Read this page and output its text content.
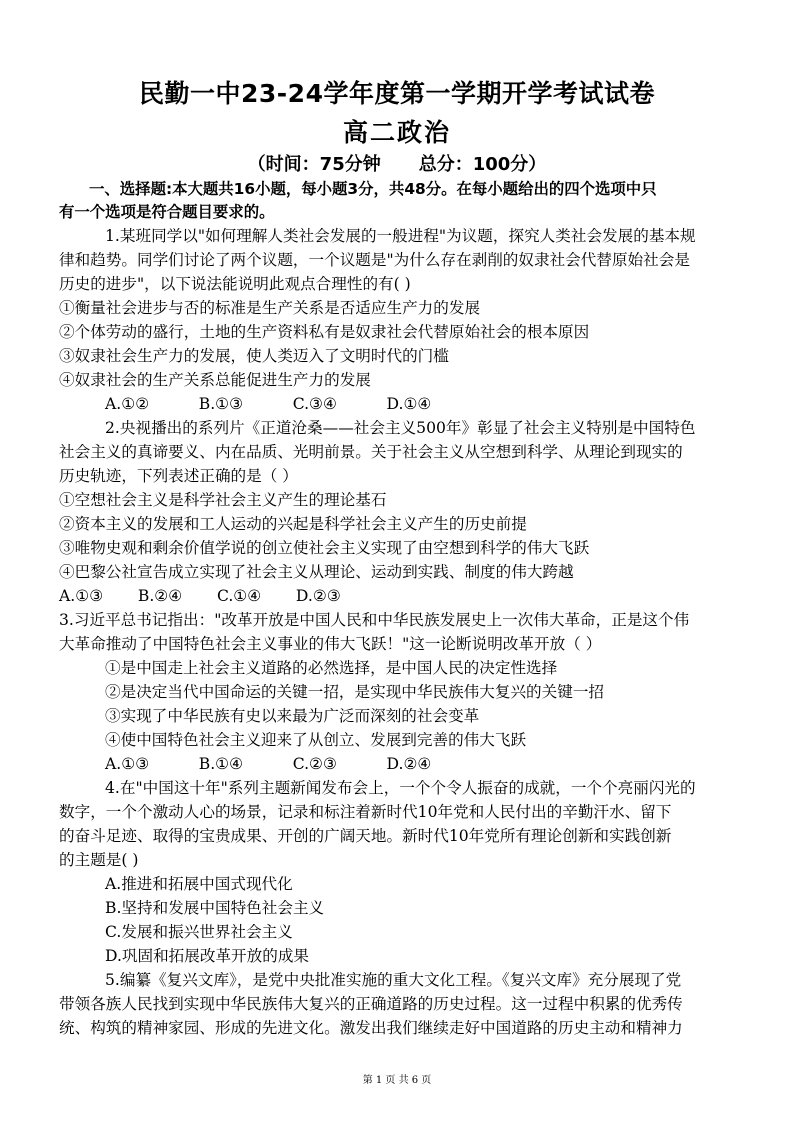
民勤一中23-24学年度第一学期开学考试试卷
高二政治
（时间：75分钟 总分：100分）
一、选择题:本大题共16小题，每小题3分，共48分。在每小题给出的四个选项中只
有一个选项是符合题目要求的。
1.某班同学以"如何理解人类社会发展的一般进程"为议题，探究人类社会发展的基本规
律和趋势。同学们讨论了两个议题，一个议题是"为什么存在剥削的奴隶社会代替原始社会是
历史的进步"，以下说法能说明此观点合理性的有( )
①衡量社会进步与否的标准是生产关系是否适应生产力的发展
②个体劳动的盛行，土地的生产资料私有是奴隶社会代替原始社会的根本原因
③奴隶社会生产力的发展，使人类迈入了文明时代的门槛
④奴隶社会的生产关系总能促进生产力的发展
A.①②          B.①③          C.③④          D.①④
2.央视播出的系列片《正道沧桑——社会主义500年》彰显了社会主义特别是中国特色
社会主义的真谛要义、内在品质、光明前景。关于社会主义从空想到科学、从理论到现实的
历史轨迹，下列表述正确的是（ ）
①空想社会主义是科学社会主义产生的理论基石
②资本主义的发展和工人运动的兴起是科学社会主义产生的历史前提
③唯物史观和剩余价值学说的创立使社会主义实现了由空想到科学的伟大飞跃
④巴黎公社宣告成立实现了社会主义从理论、运动到实践、制度的伟大跨越
A.①③       B.②④       C.①④       D.②③
3.习近平总书记指出："改革开放是中国人民和中华民族发展史上一次伟大革命，正是这个伟
大革命推动了中国特色社会主义事业的伟大飞跃！"这一论断说明改革开放（ ）
①是中国走上社会主义道路的必然选择，是中国人民的决定性选择
②是决定当代中国命运的关键一招，是实现中华民族伟大复兴的关键一招
③实现了中华民族有史以来最为广泛而深刻的社会变革
④使中国特色社会主义迎来了从创立、发展到完善的伟大飞跃
A.①③          B.①④          C.②③          D.②④
4.在"中国这十年"系列主题新闻发布会上，一个个令人振奋的成就，一个个亮丽闪光的
数字，一个个激动人心的场景，记录和标注着新时代10年党和人民付出的辛勤汗水、留下
的奋斗足迹、取得的宝贵成果、开创的广阔天地。新时代10年党所有理论创新和实践创新
的主题是( )
A.推进和拓展中国式现代化
B.坚持和发展中国特色社会主义
C.发展和振兴世界社会主义
D.巩固和拓展改革开放的成果
5.编纂《复兴文库》，是党中央批准实施的重大文化工程。《复兴文库》充分展现了党
带领各族人民找到实现中华民族伟大复兴的正确道路的历史过程。这一过程中积累的优秀传
统、构筑的精神家园、形成的先进文化。激发出我们继续走好中国道路的历史主动和精神力
第 1 页 共 6 页
